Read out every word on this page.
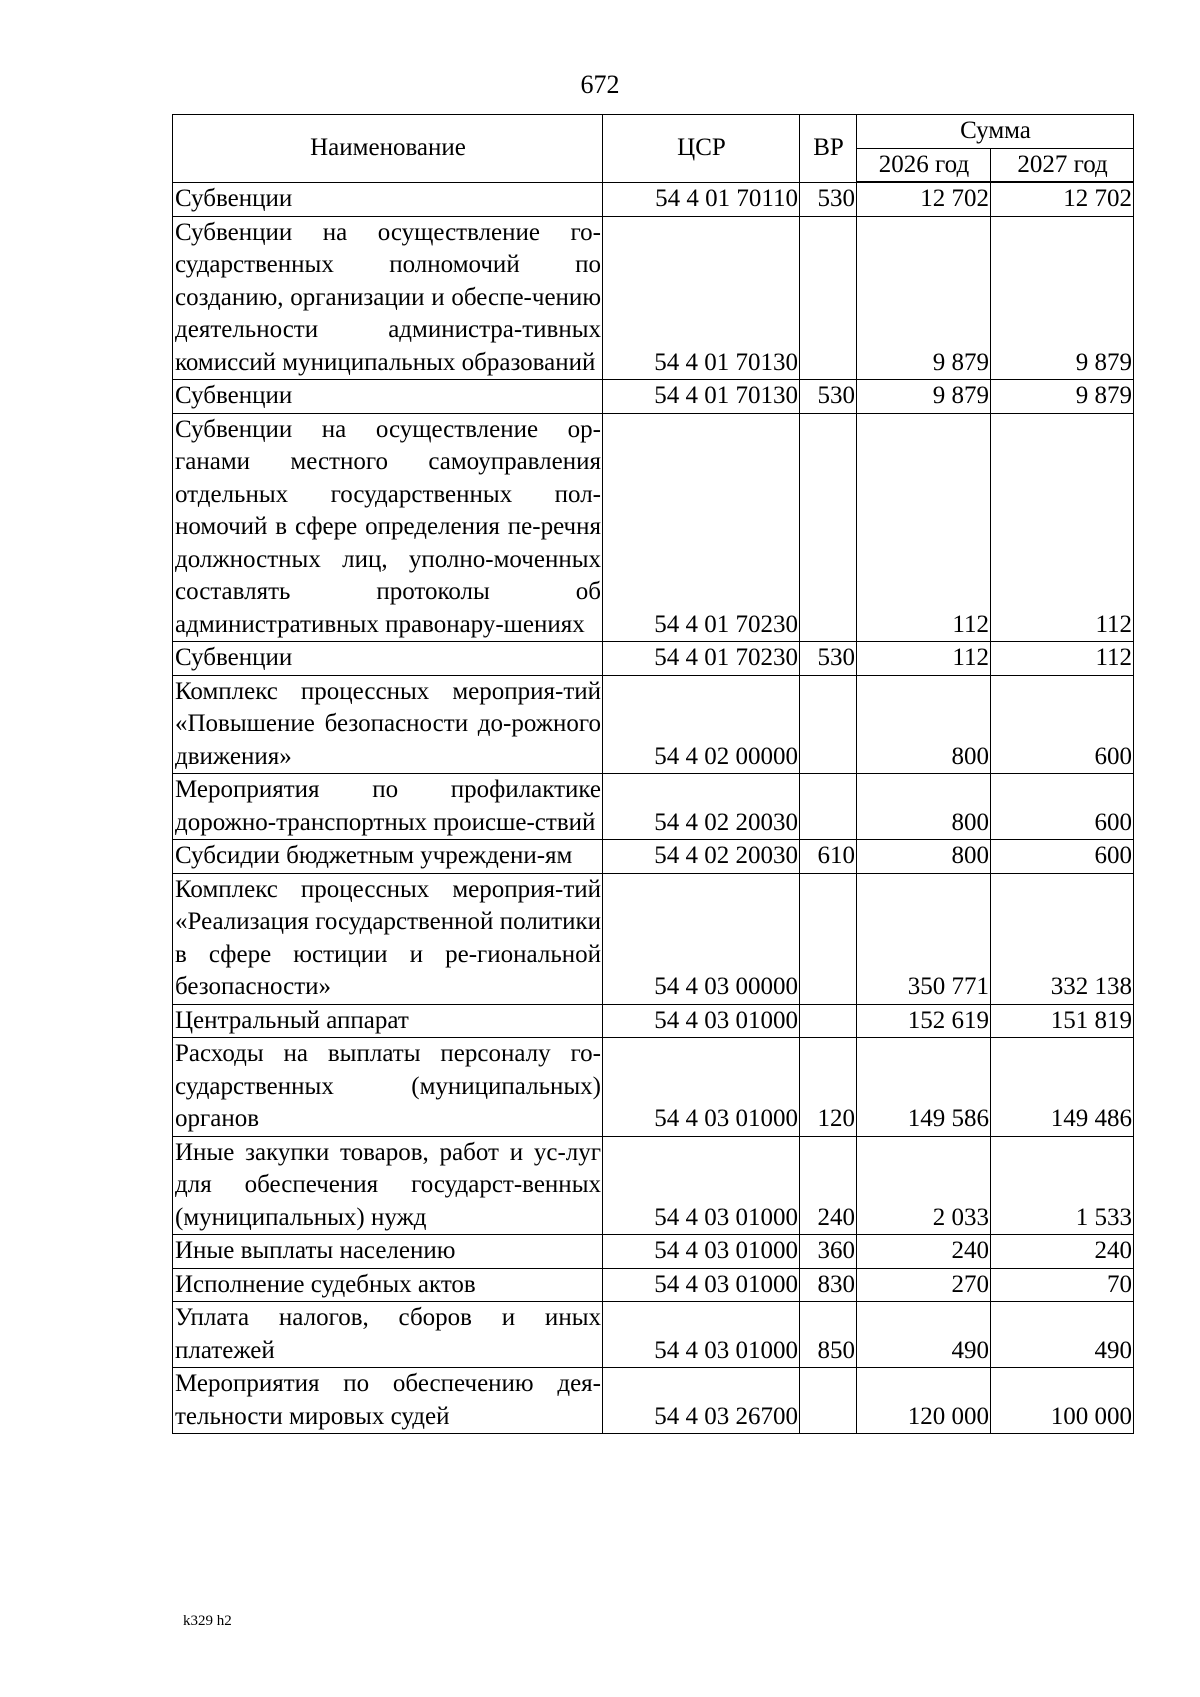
672
Наименование	ЦСР	ВР	Сумма	
			2026 год	2027 год
Субвенции	54 4 01 70110	530	12 702	12 702
Субвенции на осуществление го-сударственных полномочий по созданию, организации и обеспе-чению деятельности администра-тивных комиссий муниципальных образований	54 4 01 70130		9 879	9 879
Субвенции	54 4 01 70130	530	9 879	9 879
Субвенции на осуществление ор-ганами местного самоуправления отдельных государственных пол-номочий в сфере определения пе-речня должностных лиц, уполно-моченных составлять протоколы об административных правонару-шениях	54 4 01 70230		112	112
Субвенции	54 4 01 70230	530	112	112
Комплекс процессных мероприя-тий «Повышение безопасности до-рожного движения»	54 4 02 00000		800	600
Мероприятия по профилактике дорожно-транспортных происше-ствий	54 4 02 20030		800	600
Субсидии бюджетным учреждени-ям	54 4 02 20030	610	800	600
Комплекс процессных мероприя-тий «Реализация государственной политики в сфере юстиции и ре-гиональной безопасности»	54 4 03 00000		350 771	332 138
Центральный аппарат	54 4 03 01000		152 619	151 819
Расходы на выплаты персоналу го-сударственных (муниципальных) органов	54 4 03 01000	120	149 586	149 486
Иные закупки товаров, работ и ус-луг для обеспечения государст-венных (муниципальных) нужд	54 4 03 01000	240	2 033	1 533
Иные выплаты населению	54 4 03 01000	360	240	240
Исполнение судебных актов	54 4 03 01000	830	270	70
Уплата налогов, сборов и иных платежей	54 4 03 01000	850	490	490
Мероприятия по обеспечению дея-тельности мировых судей	54 4 03 26700		120 000	100 000
k329 h2
